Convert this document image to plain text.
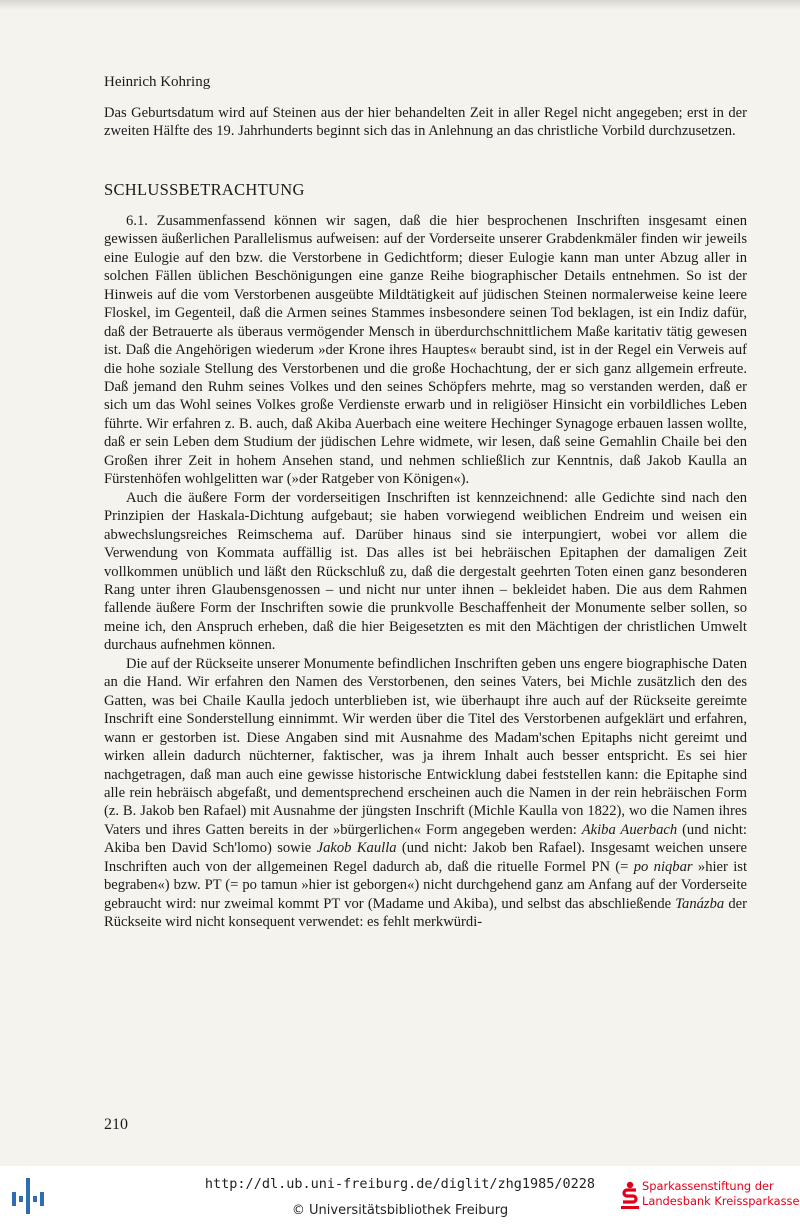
Heinrich Kohring

Das Geburtsdatum wird auf Steinen aus der hier behandelten Zeit in aller Regel nicht angegeben; erst in der zweiten Hälfte des 19. Jahrhunderts beginnt sich das in Anlehnung an das christliche Vorbild durchzusetzen.

SCHLUSSBETRACHTUNG

6.1. Zusammenfassend können wir sagen, daß die hier besprochenen Inschriften insgesamt einen gewissen äußerlichen Parallelismus aufweisen: auf der Vorderseite unserer Grabdenkmäler finden wir jeweils eine Eulogie auf den bzw. die Verstorbene in Gedichtform; dieser Eulogie kann man unter Abzug aller in solchen Fällen üblichen Beschönigungen eine ganze Reihe biographischer Details entnehmen. So ist der Hinweis auf die vom Verstorbenen ausgeübte Mildtätigkeit auf jüdischen Steinen normalerweise keine leere Floskel, im Gegenteil, daß die Armen seines Stammes insbesondere seinen Tod beklagen, ist ein Indiz dafür, daß der Betrauerte als überaus vermögender Mensch in überdurchschnittlichem Maße karitativ tätig gewesen ist. Daß die Angehörigen wiederum »der Krone ihres Hauptes« beraubt sind, ist in der Regel ein Verweis auf die hohe soziale Stellung des Verstorbenen und die große Hochachtung, der er sich ganz allgemein erfreute. Daß jemand den Ruhm seines Volkes und den seines Schöpfers mehrte, mag so verstanden werden, daß er sich um das Wohl seines Volkes große Verdienste erwarb und in religiöser Hinsicht ein vorbildliches Leben führte. Wir erfahren z. B. auch, daß Akiba Auerbach eine weitere Hechinger Synagoge erbauen lassen wollte, daß er sein Leben dem Studium der jüdischen Lehre widmete, wir lesen, daß seine Gemahlin Chaile bei den Großen ihrer Zeit in hohem Ansehen stand, und nehmen schließlich zur Kenntnis, daß Jakob Kaulla an Fürstenhöfen wohlgelitten war (»der Ratgeber von Königen«).

Auch die äußere Form der vorderseitigen Inschriften ist kennzeichnend: alle Gedichte sind nach den Prinzipien der Haskala-Dichtung aufgebaut; sie haben vorwiegend weiblichen Endreim und weisen ein abwechslungsreiches Reimschema auf. Darüber hinaus sind sie interpungiert, wobei vor allem die Verwendung von Kommata auffällig ist. Das alles ist bei hebräischen Epitaphen der damaligen Zeit vollkommen unüblich und läßt den Rückschluß zu, daß die dergestalt geehrten Toten einen ganz besonderen Rang unter ihren Glaubensgenossen – und nicht nur unter ihnen – bekleidet haben. Die aus dem Rahmen fallende äußere Form der Inschriften sowie die prunkvolle Beschaffenheit der Monumente selber sollen, so meine ich, den Anspruch erheben, daß die hier Beigesetzten es mit den Mächtigen der christlichen Umwelt durchaus aufnehmen können.

Die auf der Rückseite unserer Monumente befindlichen Inschriften geben uns engere biographische Daten an die Hand. Wir erfahren den Namen des Verstorbenen, den seines Vaters, bei Michle zusätzlich den des Gatten, was bei Chaile Kaulla jedoch unterblieben ist, wie überhaupt ihre auch auf der Rückseite gereimte Inschrift eine Sonderstellung einnimmt. Wir werden über die Titel des Verstorbenen aufgeklärt und erfahren, wann er gestorben ist. Diese Angaben sind mit Ausnahme des Madam'schen Epitaphs nicht gereimt und wirken allein dadurch nüchterner, faktischer, was ja ihrem Inhalt auch besser entspricht. Es sei hier nachgetragen, daß man auch eine gewisse historische Entwicklung dabei feststellen kann: die Epitaphe sind alle rein hebräisch abgefaßt, und dementsprechend erscheinen auch die Namen in der rein hebräischen Form (z. B. Jakob ben Rafael) mit Ausnahme der jüngsten Inschrift (Michle Kaulla von 1822), wo die Namen ihres Vaters und ihres Gatten bereits in der »bürgerlichen« Form angegeben werden: Akiba Auerbach (und nicht: Akiba ben David Sch'lomo) sowie Jakob Kaulla (und nicht: Jakob ben Rafael). Insgesamt weichen unsere Inschriften auch von der allgemeinen Regel dadurch ab, daß die rituelle Formel PN (= po niqbar »hier ist begraben«) bzw. PT (= po tamun »hier ist geborgen«) nicht durchgehend ganz am Anfang auf der Vorderseite gebraucht wird: nur zweimal kommt PT vor (Madame und Akiba), und selbst das abschließende Tanázba der Rückseite wird nicht konsequent verwendet: es fehlt merkwürdi-

210
http://dl.ub.uni-freiburg.de/diglit/zhg1985/0228
© Universitätsbibliothek Freiburg
Sparkassenstiftung der
Landesbank Kreissparkasse
